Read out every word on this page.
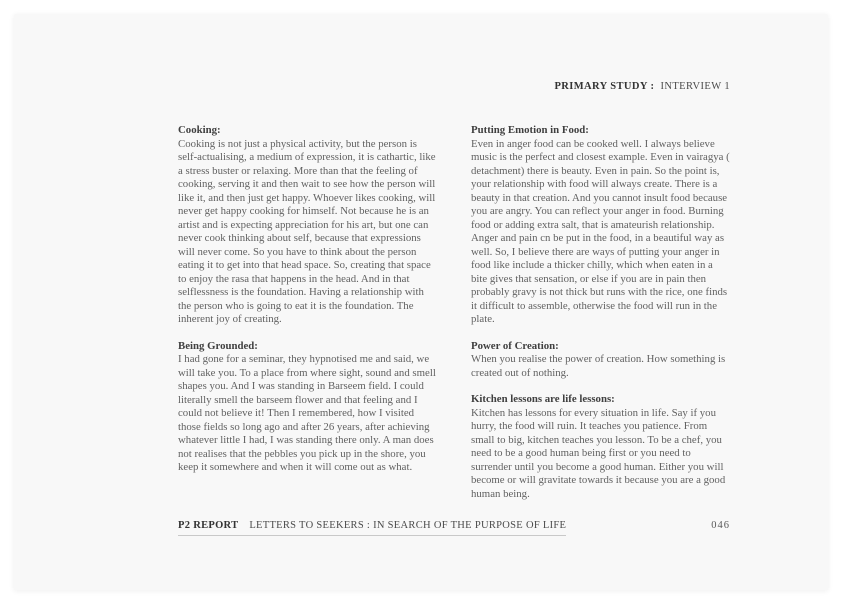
PRIMARY STUDY : INTERVIEW 1
Cooking:

Cooking is not just a physical activity, but the person is self-actualising, a medium of expression, it is cathartic, like a stress buster or relaxing. More than that the feeling of cooking, serving it and then wait to see how the person will like it, and then just get happy. Whoever likes cooking, will never get happy cooking for himself. Not because he is an artist and is expecting appreciation for his art, but one can never cook thinking about self, because that expressions will never come. So you have to think about the person eating it to get into that head space. So, creating that space to enjoy the rasa that happens in the head. And in that selflessness is the foundation. Having a relationship with the person who is going to eat it is the foundation. The inherent joy of creating.

Being Grounded:

I had gone for a seminar, they hypnotised me and said, we will take you. To a place from where sight, sound and smell shapes you. And I was standing in Barseem field. I could literally smell the barseem flower and that feeling and I could not believe it! Then I remembered, how I visited those fields so long ago and after 26 years, after achieving whatever little I had, I was standing there only. A man does not realises that the pebbles you pick up in the shore, you keep it somewhere and when it will come out as what.

Putting Emotion in Food:

Even in anger food can be cooked well. I always believe music is the perfect and closest example. Even in vairagya ( detachment) there is beauty. Even in pain. So the point is, your relationship with food will always create. There is a beauty in that creation. And you cannot insult food because you are angry. You can reflect your anger in food. Burning food or adding extra salt, that is amateurish relationship. Anger and pain cn be put in the food, in a beautiful way as well. So, I believe there are ways of putting your anger in food like include a thicker chilly, which when eaten in a bite gives that sensation, or else if you are in pain then probably gravy is not thick but runs with the rice, one finds it difficult to assemble, otherwise the food will run in the plate.

Power of Creation:

When you realise the power of creation. How something is created out of nothing.

Kitchen lessons are life lessons:

Kitchen has lessons for every situation in life. Say if you hurry, the food will ruin. It teaches you patience. From small to big, kitchen teaches you lesson. To be a chef, you need to be a good human being first or you need to surrender until you become a good human. Either you will become or will gravitate towards it because you are a good human being.

P2 REPORT LETTERS TO SEEKERS : IN SEARCH OF THE PURPOSE OF LIFE	046
